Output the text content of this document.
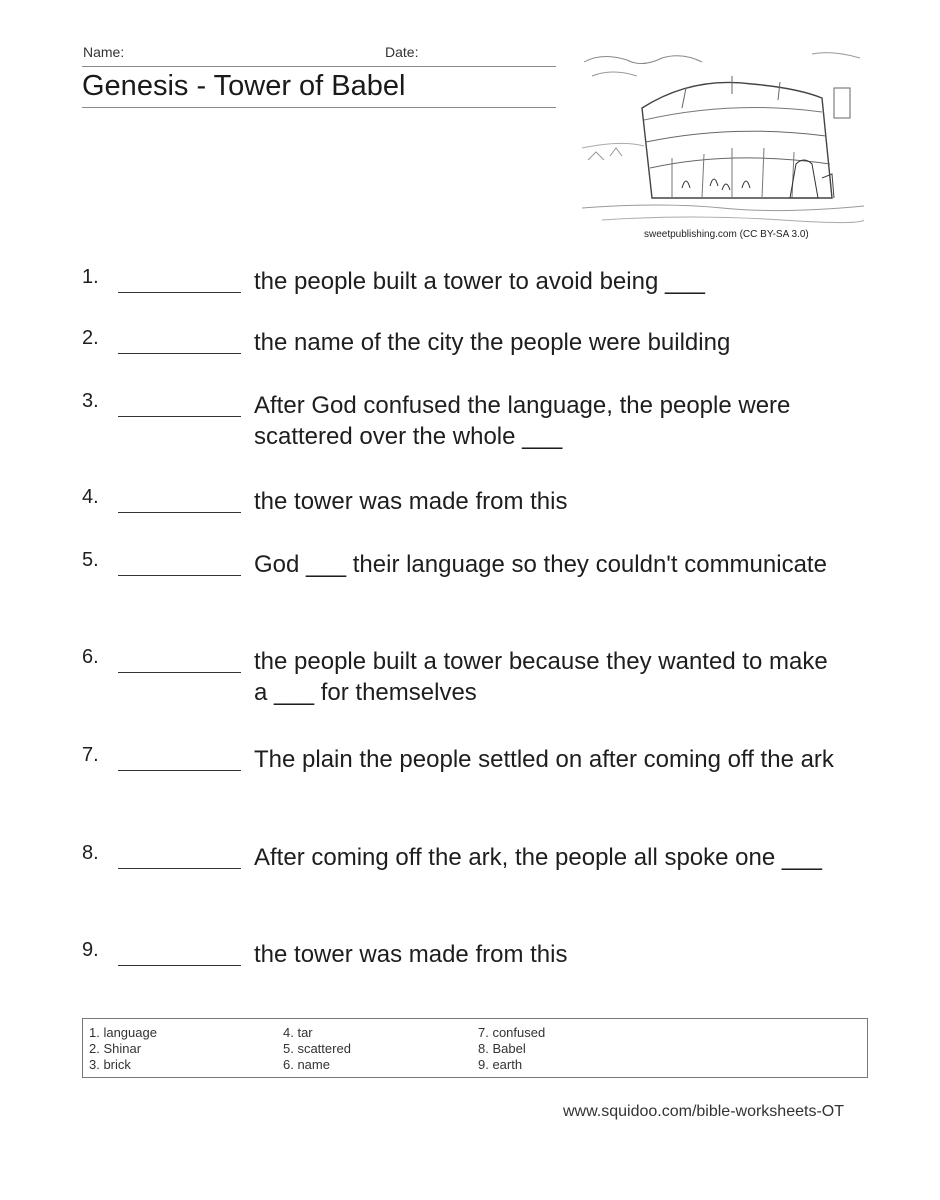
Name:	Date:
Genesis - Tower of Babel
sweetpublishing.com (CC BY-SA 3.0)
1.	the people built a tower to avoid being ___
2.	the name of the city the people were building
3.	After God confused the language, the people were scattered over the whole ___
4.	the tower was made from this
5.	God ___ their language so they couldn't communicate
6.	the people built a tower because they wanted to make a ___ for themselves
7.	The plain the people settled on after coming off the ark
8.	After coming off the ark, the people all spoke one ___
9.	the tower was made from this
1. language
2. Shinar
3. brick
4. tar
5. scattered
6. name
7. confused
8. Babel
9. earth
www.squidoo.com/bible-worksheets-OT
